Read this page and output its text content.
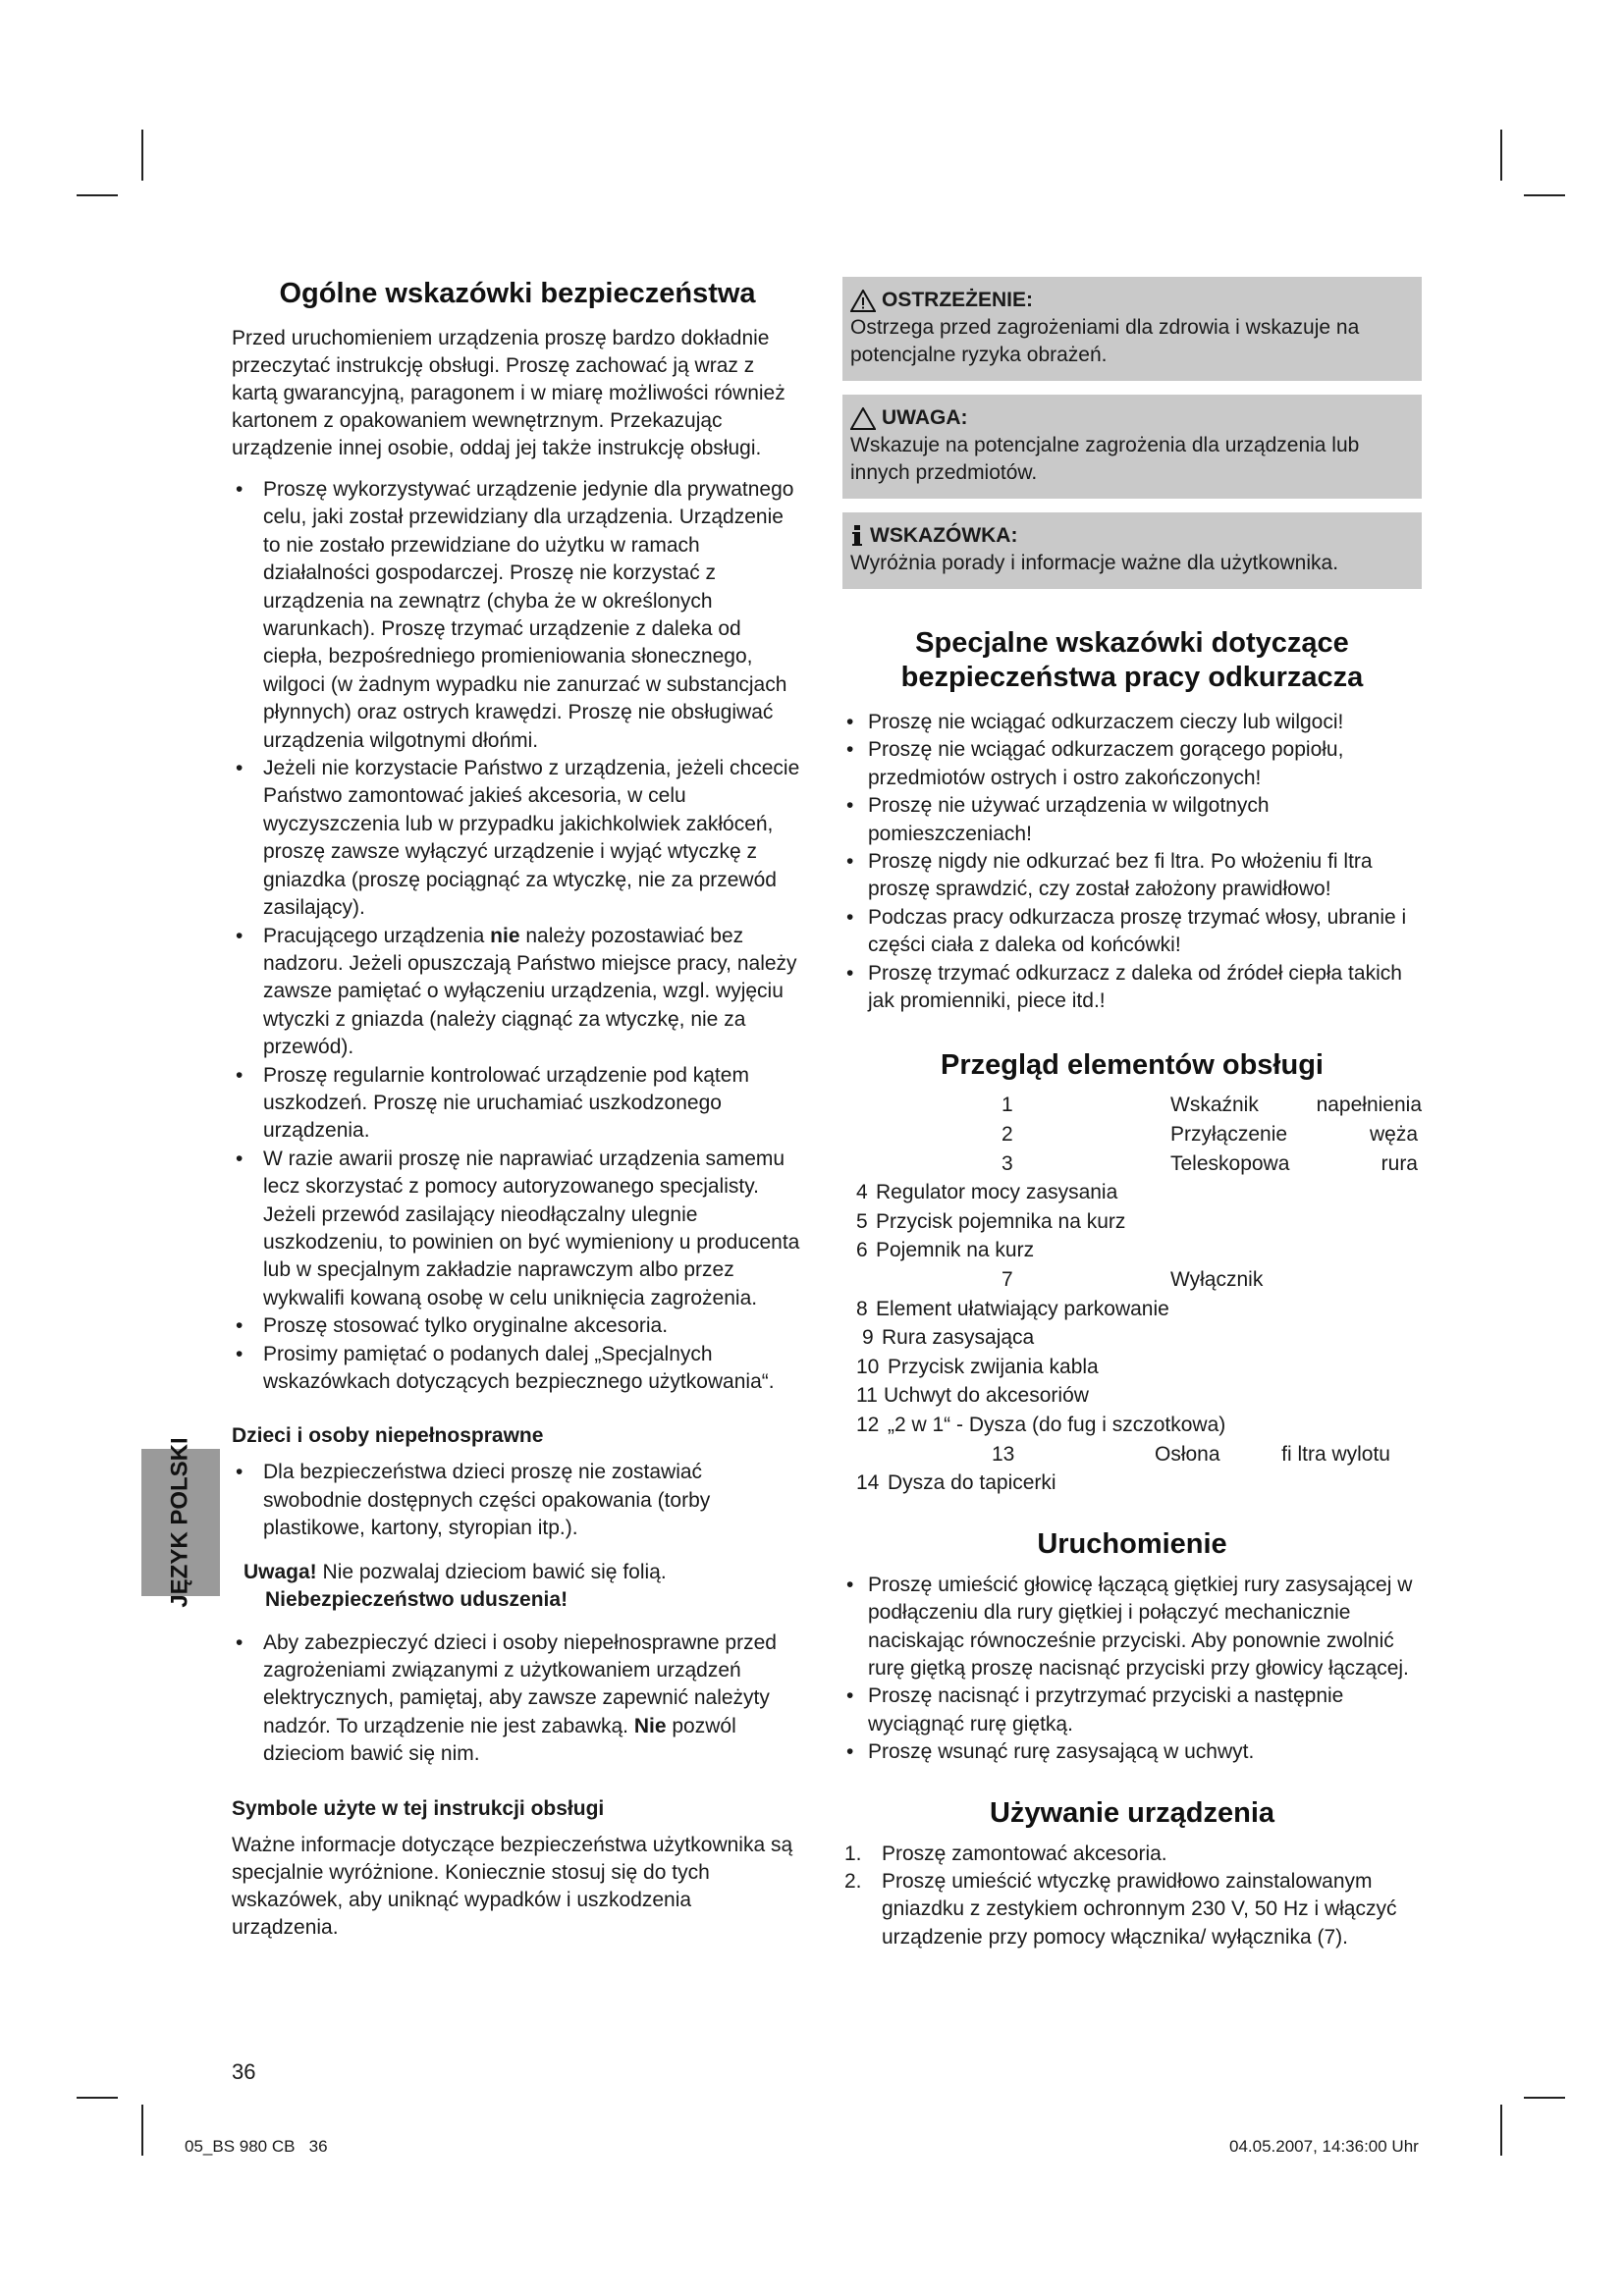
Ogólne wskazówki bezpieczeństwa

Przed uruchomieniem urządzenia proszę bardzo dokładnie przeczytać instrukcję obsługi. Proszę zachować ją wraz z kartą gwarancyjną, paragonem i w miarę możliwości również kartonem z opakowaniem wewnętrznym. Przekazując urządzenie innej osobie, oddaj jej także instrukcję obsługi.

• Proszę wykorzystywać urządzenie jedynie dla prywatnego celu, jaki został przewidziany dla urządzenia. Urządzenie to nie zostało przewidziane do użytku w ramach działalności gospodarczej. Proszę nie korzystać z urządzenia na zewnątrz (chyba że w określonych warunkach). Proszę trzymać urządzenie z daleka od ciepła, bezpośredniego promieniowania słonecznego, wilgoci (w żadnym wypadku nie zanurzać w substancjach płynnych) oraz ostrych krawędzi. Proszę nie obsługiwać urządzenia wilgotnymi dłońmi.
• Jeżeli nie korzystacie Państwo z urządzenia, jeżeli chcecie Państwo zamontować jakieś akcesoria, w celu wyczyszczenia lub w przypadku jakichkolwiek zakłóceń, proszę zawsze wyłączyć urządzenie i wyjąć wtyczkę z gniazdka (proszę pociągnąć za wtyczkę, nie za przewód zasilający).
• Pracującego urządzenia nie należy pozostawiać bez nadzoru. Jeżeli opuszczają Państwo miejsce pracy, należy zawsze pamiętać o wyłączeniu urządzenia, wzgl. wyjęciu wtyczki z gniazda (należy ciągnąć za wtyczkę, nie za przewód).
• Proszę regularnie kontrolować urządzenie pod kątem uszkodzeń. Proszę nie uruchamiać uszkodzonego urządzenia.
• W razie awarii proszę nie naprawiać urządzenia samemu lecz skorzystać z pomocy autoryzowanego specjalisty. Jeżeli przewód zasilający nieodłączalny ulegnie uszkodzeniu, to powinien on być wymieniony u producenta lub w specjalnym zakładzie naprawczym albo przez wykwalifi kowaną osobę w celu uniknięcia zagrożenia.
• Proszę stosować tylko oryginalne akcesoria.
• Prosimy pamiętać o podanych dalej „Specjalnych wskazówkach dotyczących bezpiecznego użytkowania“.
Dzieci i osoby niepełnosprawne
• Dla bezpieczeństwa dzieci proszę nie zostawiać swobodnie dostępnych części opakowania (torby plastikowe, kartony, styropian itp.).
Uwaga! Nie pozwalaj dzieciom bawić się folią.
Niebezpieczeństwo uduszenia!
• Aby zabezpieczyć dzieci i osoby niepełnosprawne przed zagrożeniami związanymi z użytkowaniem urządzeń elektrycznych, pamiętaj, aby zawsze zapewnić należyty nadzór. To urządzenie nie jest zabawką. Nie pozwól dzieciom bawić się nim.
Symbole użyte w tej instrukcji obsługi

Ważne informacje dotyczące bezpieczeństwa użytkownika są specjalnie wyróżnione. Koniecznie stosuj się do tych wskazówek, aby uniknąć wypadków i uszkodzenia urządzenia.

OSTRZEŻENIE:
Ostrzega przed zagrożeniami dla zdrowia i wskazuje na potencjalne ryzyka obrażeń.
UWAGA:
Wskazuje na potencjalne zagrożenia dla urządzenia lub innych przedmiotów.
WSKAZÓWKA:
Wyróżnia porady i informacje ważne dla użytkownika.
Specjalne wskazówki dotyczące
bezpieczeństwa pracy odkurzacza
• Proszę nie wciągać odkurzaczem cieczy lub wilgoci!
• Proszę nie wciągać odkurzaczem gorącego popiołu, przedmiotów ostrych i ostro zakończonych!
• Proszę nie używać urządzenia w wilgotnych pomieszczeniach!
• Proszę nigdy nie odkurzać bez fi ltra. Po włożeniu fi ltra proszę sprawdzić, czy został założony prawidłowo!
• Podczas pracy odkurzacza proszę trzymać włosy, ubranie i części ciała z daleka od końcówki!
• Proszę trzymać odkurzacz z daleka od źródeł ciepła takich jak promienniki, piece itd.!
Przegląd elementów obsługi
1	Wskaźnik	napełnienia
2	Przyłączenie	węża
3	Teleskopowa	rura
4 Regulator mocy zasysania
5 Przycisk pojemnika na kurz
6 Pojemnik na kurz
7	Wyłącznik
8 Element ułatwiający parkowanie
9 Rura zasysająca
10 Przycisk zwijania kabla
11 Uchwyt do akcesoriów
12 „2 w 1“ - Dysza (do fug i szczotkowa)
13	Osłona	fi ltra wylotu
14 Dysza do tapicerki
Uruchomienie
• Proszę umieścić głowicę łączącą giętkiej rury zasysającej w podłączeniu dla rury giętkiej i połączyć mechanicznie naciskając równocześnie przyciski. Aby ponownie zwolnić rurę giętką proszę nacisnąć przyciski przy głowicy łączącej.
• Proszę nacisnąć i przytrzymać przyciski a następnie wyciągnąć rurę giętką.
• Proszę wsunąć rurę zasysającą w uchwyt.
Używanie urządzenia
1. Proszę zamontować akcesoria.
2. Proszę umieścić wtyczkę prawidłowo zainstalowanym gniazdku z zestykiem ochronnym 230 V, 50 Hz i włączyć urządzenie przy pomocy włącznika/ wyłącznika (7).
JĘZYK POLSKI
36
05_BS 980 CB   36	04.05.2007, 14:36:00 Uhr
